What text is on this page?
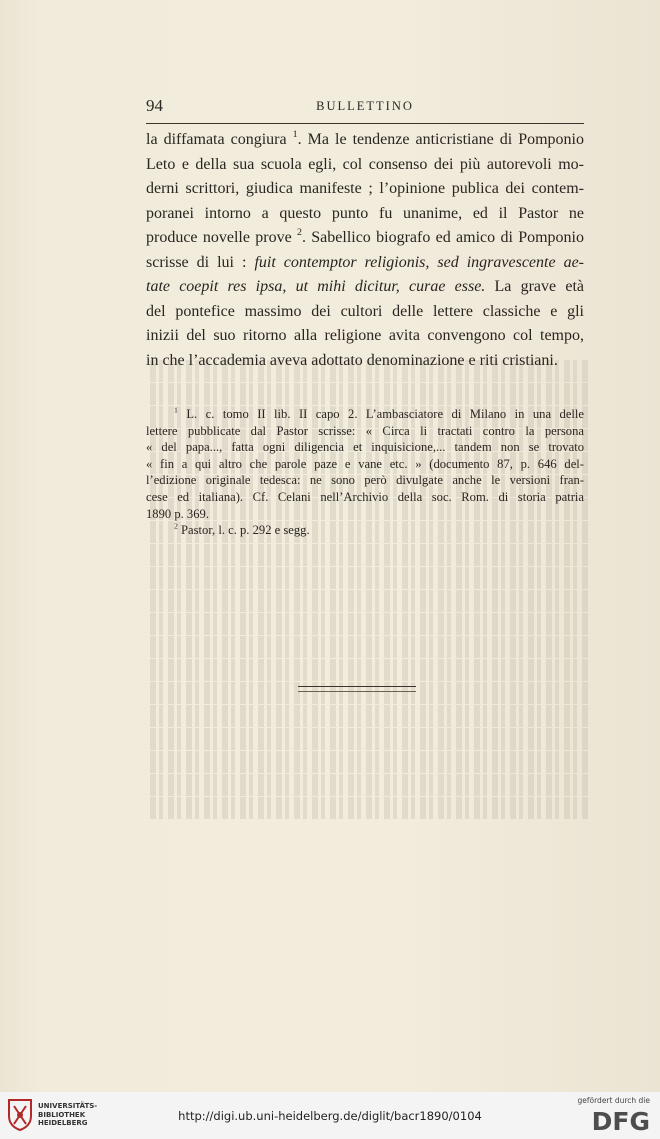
94	BULLETTINO
la diffamata congiura $^1$. Ma le tendenze anticristiane di Pomponio
Leto e della sua scuola egli, col consenso dei più autorevoli mo-
derni scrittori, giudica manifeste ; l’opinione publica dei contem-
poranei intorno a questo punto fu unanime, ed il Pastor ne
produce novelle prove $^2$. Sabellico biografo ed amico di Pomponio
scrisse di lui : fuit contemptor religionis, sed ingravescente ae-
tate coepit res ipsa, ut mihi dicitur, curae esse. La grave età
del pontefice massimo dei cultori delle lettere classiche e gli
inizii del suo ritorno alla religione avita convengono col tempo,
in che l’accademia aveva adottato denominazione e riti cristiani.
$^1$ L. c. tomo II lib. II capo 2. L’ambasciatore di Milano in una delle
lettere pubblicate dal Pastor scrisse: « Circa li tractati contro la persona
« del papa..., fatta ogni diligencia et inquisicione,... tandem non se trovato
« fin a qui altro che parole paze e vane etc. » (documento 87, p. 646 del-
l’edizione originale tedesca: ne sono però divulgate anche le versioni fran-
cese ed italiana). Cf. Celani nell’Archivio della soc. Rom. di storia patria
1890 p. 369.
$^2$ Pastor, l. c. p. 292 e segg.
UNIVERSITÄTS-
BIBLIOTHEK
HEIDELBERG	http://digi.ub.uni-heidelberg.de/diglit/bacr1890/0104
gefördert durch die
DFG
